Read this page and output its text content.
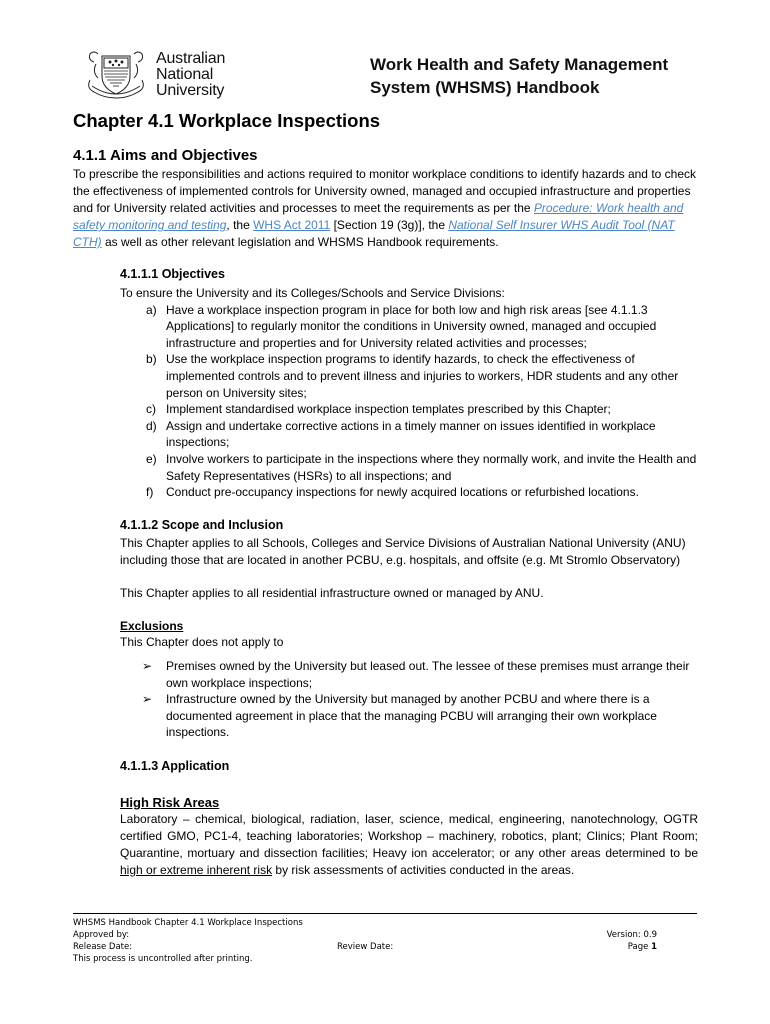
Australian
National
University
Work Health and Safety Management
System (WHSMS) Handbook
Chapter 4.1 Workplace Inspections
4.1.1 Aims and Objectives
To prescribe the responsibilities and actions required to monitor workplace conditions to identify hazards and to check the effectiveness of implemented controls for University owned, managed and occupied infrastructure and properties and for University related activities and processes to meet the requirements as per the Procedure: Work health and safety monitoring and testing, the WHS Act 2011 [Section 19 (3g)], the National Self Insurer WHS Audit Tool (NAT CTH) as well as other relevant legislation and WHSMS Handbook requirements.
4.1.1.1 Objectives
To ensure the University and its Colleges/Schools and Service Divisions:
a) Have a workplace inspection program in place for both low and high risk areas [see 4.1.1.3 Applications] to regularly monitor the conditions in University owned, managed and occupied infrastructure and properties and for University related activities and processes;
b) Use the workplace inspection programs to identify hazards, to check the effectiveness of implemented controls and to prevent illness and injuries to workers, HDR students and any other person on University sites;
c) Implement standardised workplace inspection templates prescribed by this Chapter;
d) Assign and undertake corrective actions in a timely manner on issues identified in workplace inspections;
e) Involve workers to participate in the inspections where they normally work, and invite the Health and Safety Representatives (HSRs) to all inspections; and
f)	Conduct pre-occupancy inspections for newly acquired locations or refurbished locations.
4.1.1.2 Scope and Inclusion
This Chapter applies to all Schools, Colleges and Service Divisions of Australian National University (ANU) including those that are located in another PCBU, e.g. hospitals, and offsite (e.g. Mt Stromlo Observatory)
This Chapter applies to all residential infrastructure owned or managed by ANU.
Exclusions
This Chapter does not apply to
➢	Premises owned by the University but leased out. The lessee of these premises must arrange their own workplace inspections;
➢	Infrastructure owned by the University but managed by another PCBU and where there is a documented agreement in place that the managing PCBU will arranging their own workplace inspections.
4.1.1.3 Application
High Risk Areas
Laboratory – chemical, biological, radiation, laser, science, medical, engineering, nanotechnology, OGTR certified GMO, PC1-4, teaching laboratories; Workshop – machinery, robotics, plant; Clinics; Plant Room; Quarantine, mortuary and dissection facilities; Heavy ion accelerator; or any other areas determined to be high or extreme inherent risk by risk assessments of activities conducted in the areas.
WHSMS Handbook Chapter 4.1 Workplace Inspections
Approved by:
Release Date:
This process is uncontrolled after printing.
Review Date:
Version: 0.9
Page 1
